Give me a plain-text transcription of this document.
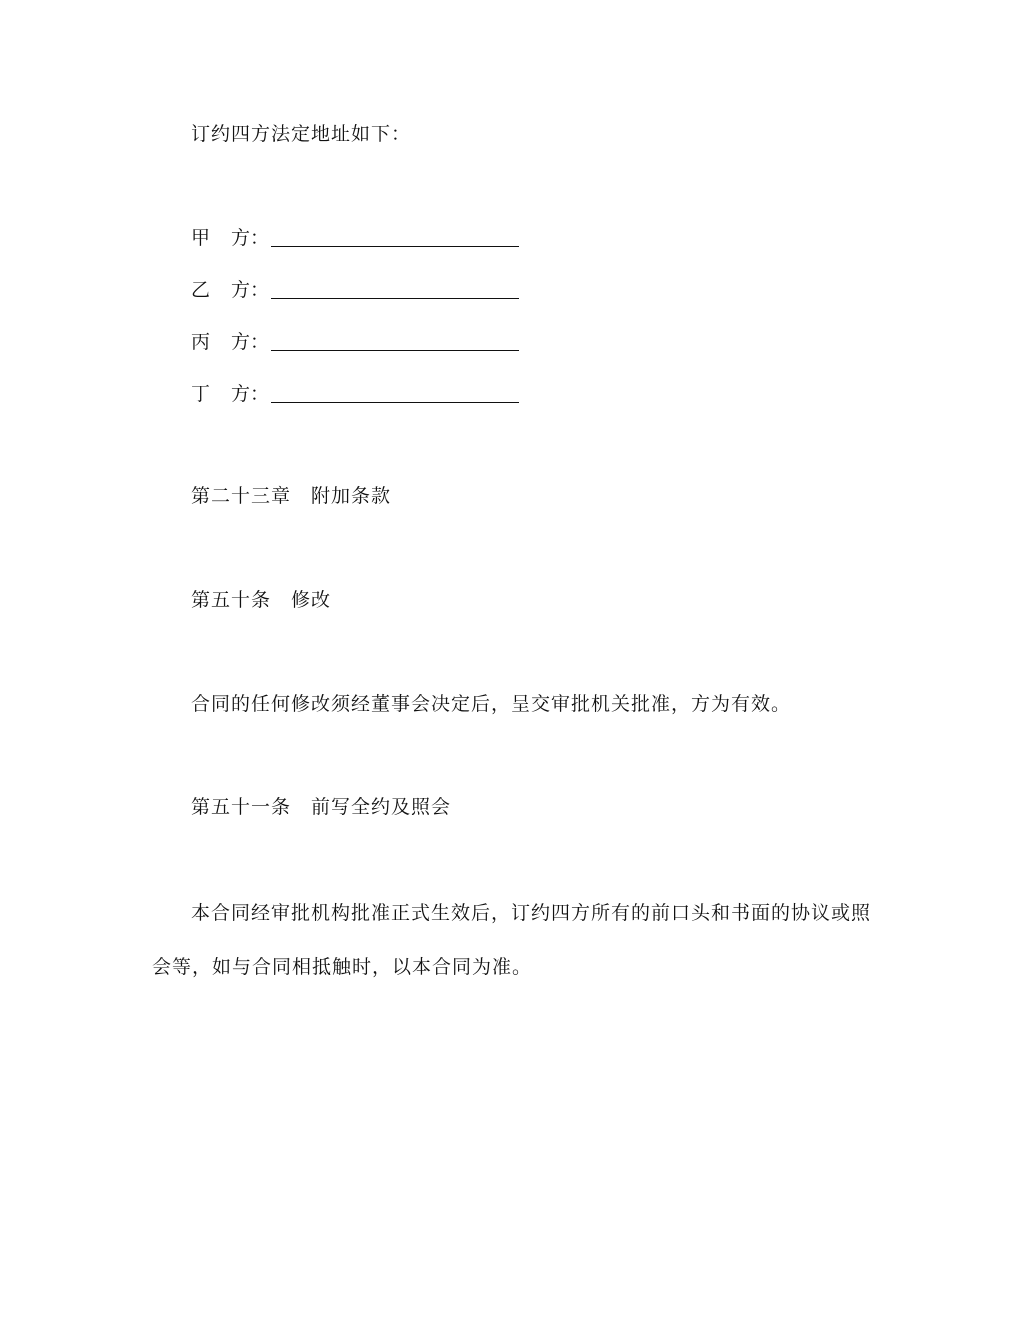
订约四方法定地址如下：
甲	方：
乙	方：
丙	方：
丁	方：
第二十三章 附加条款
第五十条 修改
合同的任何修改须经董事会决定后，呈交审批机关批准，方为有效。
第五十一条 前写全约及照会
本合同经审批机构批准正式生效后，订约四方所有的前口头和书面的协议或照
会等，如与合同相抵触时，以本合同为准。
